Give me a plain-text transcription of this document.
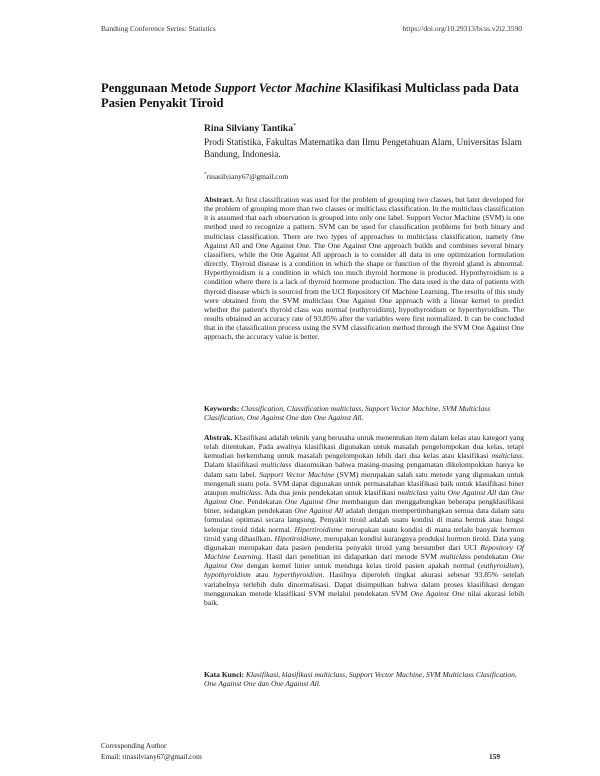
Bandung Conference Series: Statistics	https://doi.org/10.29313/bcss.v2i2.3590
Penggunaan Metode Support Vector Machine Klasifikasi Multiclass pada Data Pasien Penyakit Tiroid
Rina Silviany Tantika*
Prodi Statistika, Fakultas Matematika dan Ilmu Pengetahuan Alam, Universitas Islam Bandung, Indonesia.
*rinasilviany67@gmail.com
Abstract. At first classification was used for the problem of grouping two classes, but later developed for the problem of grouping more than two classes or multiclass classification. In the multiclass classification it is assumed that each observation is grouped into only one label. Support Vector Machine (SVM) is one method used to recognize a pattern. SVM can be used for classification problems for both binary and multiclass classification. There are two types of approaches to multiclass classification, namely One Against All and One Against One. The One Against One approach builds and combines several binary classifiers, while the One Against All approach is to consider all data in one optimization formulation directly. Thyroid disease is a condition in which the shape or function of the thyroid gland is abnormal. Hyperthyroidism is a condition in which too much thyroid hormone is produced. Hypothyroidism is a condition where there is a lack of thyroid hormone production. The data used is the data of patients with thyroid disease which is sourced from the UCI Repository Of Machine Learning. The results of this study were obtained from the SVM multiclass One Against One approach with a linear kernel to predict whether the patient's thyroid class was normal (euthyroidism), hypothyroidism or hyperthyroidism. The results obtained an accuracy rate of 93.85% after the variables were first normalized. It can be concluded that in the classification process using the SVM classification method through the SVM One Against One approach, the accuracy value is better.
Keywords: Classification, Classification multiclass, Support Vector Machine, SVM Multiclass Clasification, One Against One dan One Against All.
Abstrak. Klasifikasi adalah teknik yang berusaha untuk menentukan item dalam kelas atau kategori yang telah ditentukan. Pada awalnya klasifikasi digunakan untuk masalah pengelompokan dua kelas, tetapi kemudian berkembang untuk masalah pengelompokan lebih dari dua kelas atau klasifikasi multiclass. Dalam klasifikasi multiclass diasumsikan bahwa masing-masing pengamatan dikelompokkan hanya ke dalam satu label. Support Vector Machine (SVM) merupakan salah satu metode yang digunakan untuk mengenali suatu pola. SVM dapat digunakan untuk permasalahan klasifikasi baik untuk klasifikasi biner ataupun multiclass. Ada dua jenis pendekatan untuk klasifikasi multiclass yaitu One Against All dan One Against One. Pendekatan One Against One membangun dan menggabungkan beberapa pengklasifikasi biner, sedangkan pendekatan One Against All adalah dengan mempertimbangkan semua data dalam satu formulasi optimasi secara langsung. Penyakit tiroid adalah suatu kondisi di mana bentuk atau fungsi kelenjar tiroid tidak normal. Hipertiroidisme merupakan suatu kondisi di mana terlalu banyak hormon tiroid yang dihasilkan. Hipotiroidisme, merupakan kondisi kurangnya produksi hormon tiroid. Data yang digunakan merupakan data pasien penderita penyakit tiroid yang bersumber dari UCI Repository Of Machine Learning. Hasil dari penelitian ini didapatkan dari metode SVM multiclass pendekatan One Against One dengan kernel linier untuk menduga kelas tiroid pasien apakah normal (euthyroidism), hypothyroidism atau hyperthyroidism. Hasilnya diperoleh tingkat akurasi sebesar 93.85% setelah variabelnya terlebih dulu dinormalisasi. Dapat disimpulkan bahwa dalam proses klasifikasi dengan menggunakan metode klasifikasi SVM melalui pendekatan SVM One Against One nilai akurasi lebih baik.
Kata Kunci: Klasifikasi, klasifikasi multiclass, Support Vector Machine, SVM Multiclass Clasification, One Against One dan One Against All.
Corresponding Author
Email: rinasilviany67@gmail.com	159
